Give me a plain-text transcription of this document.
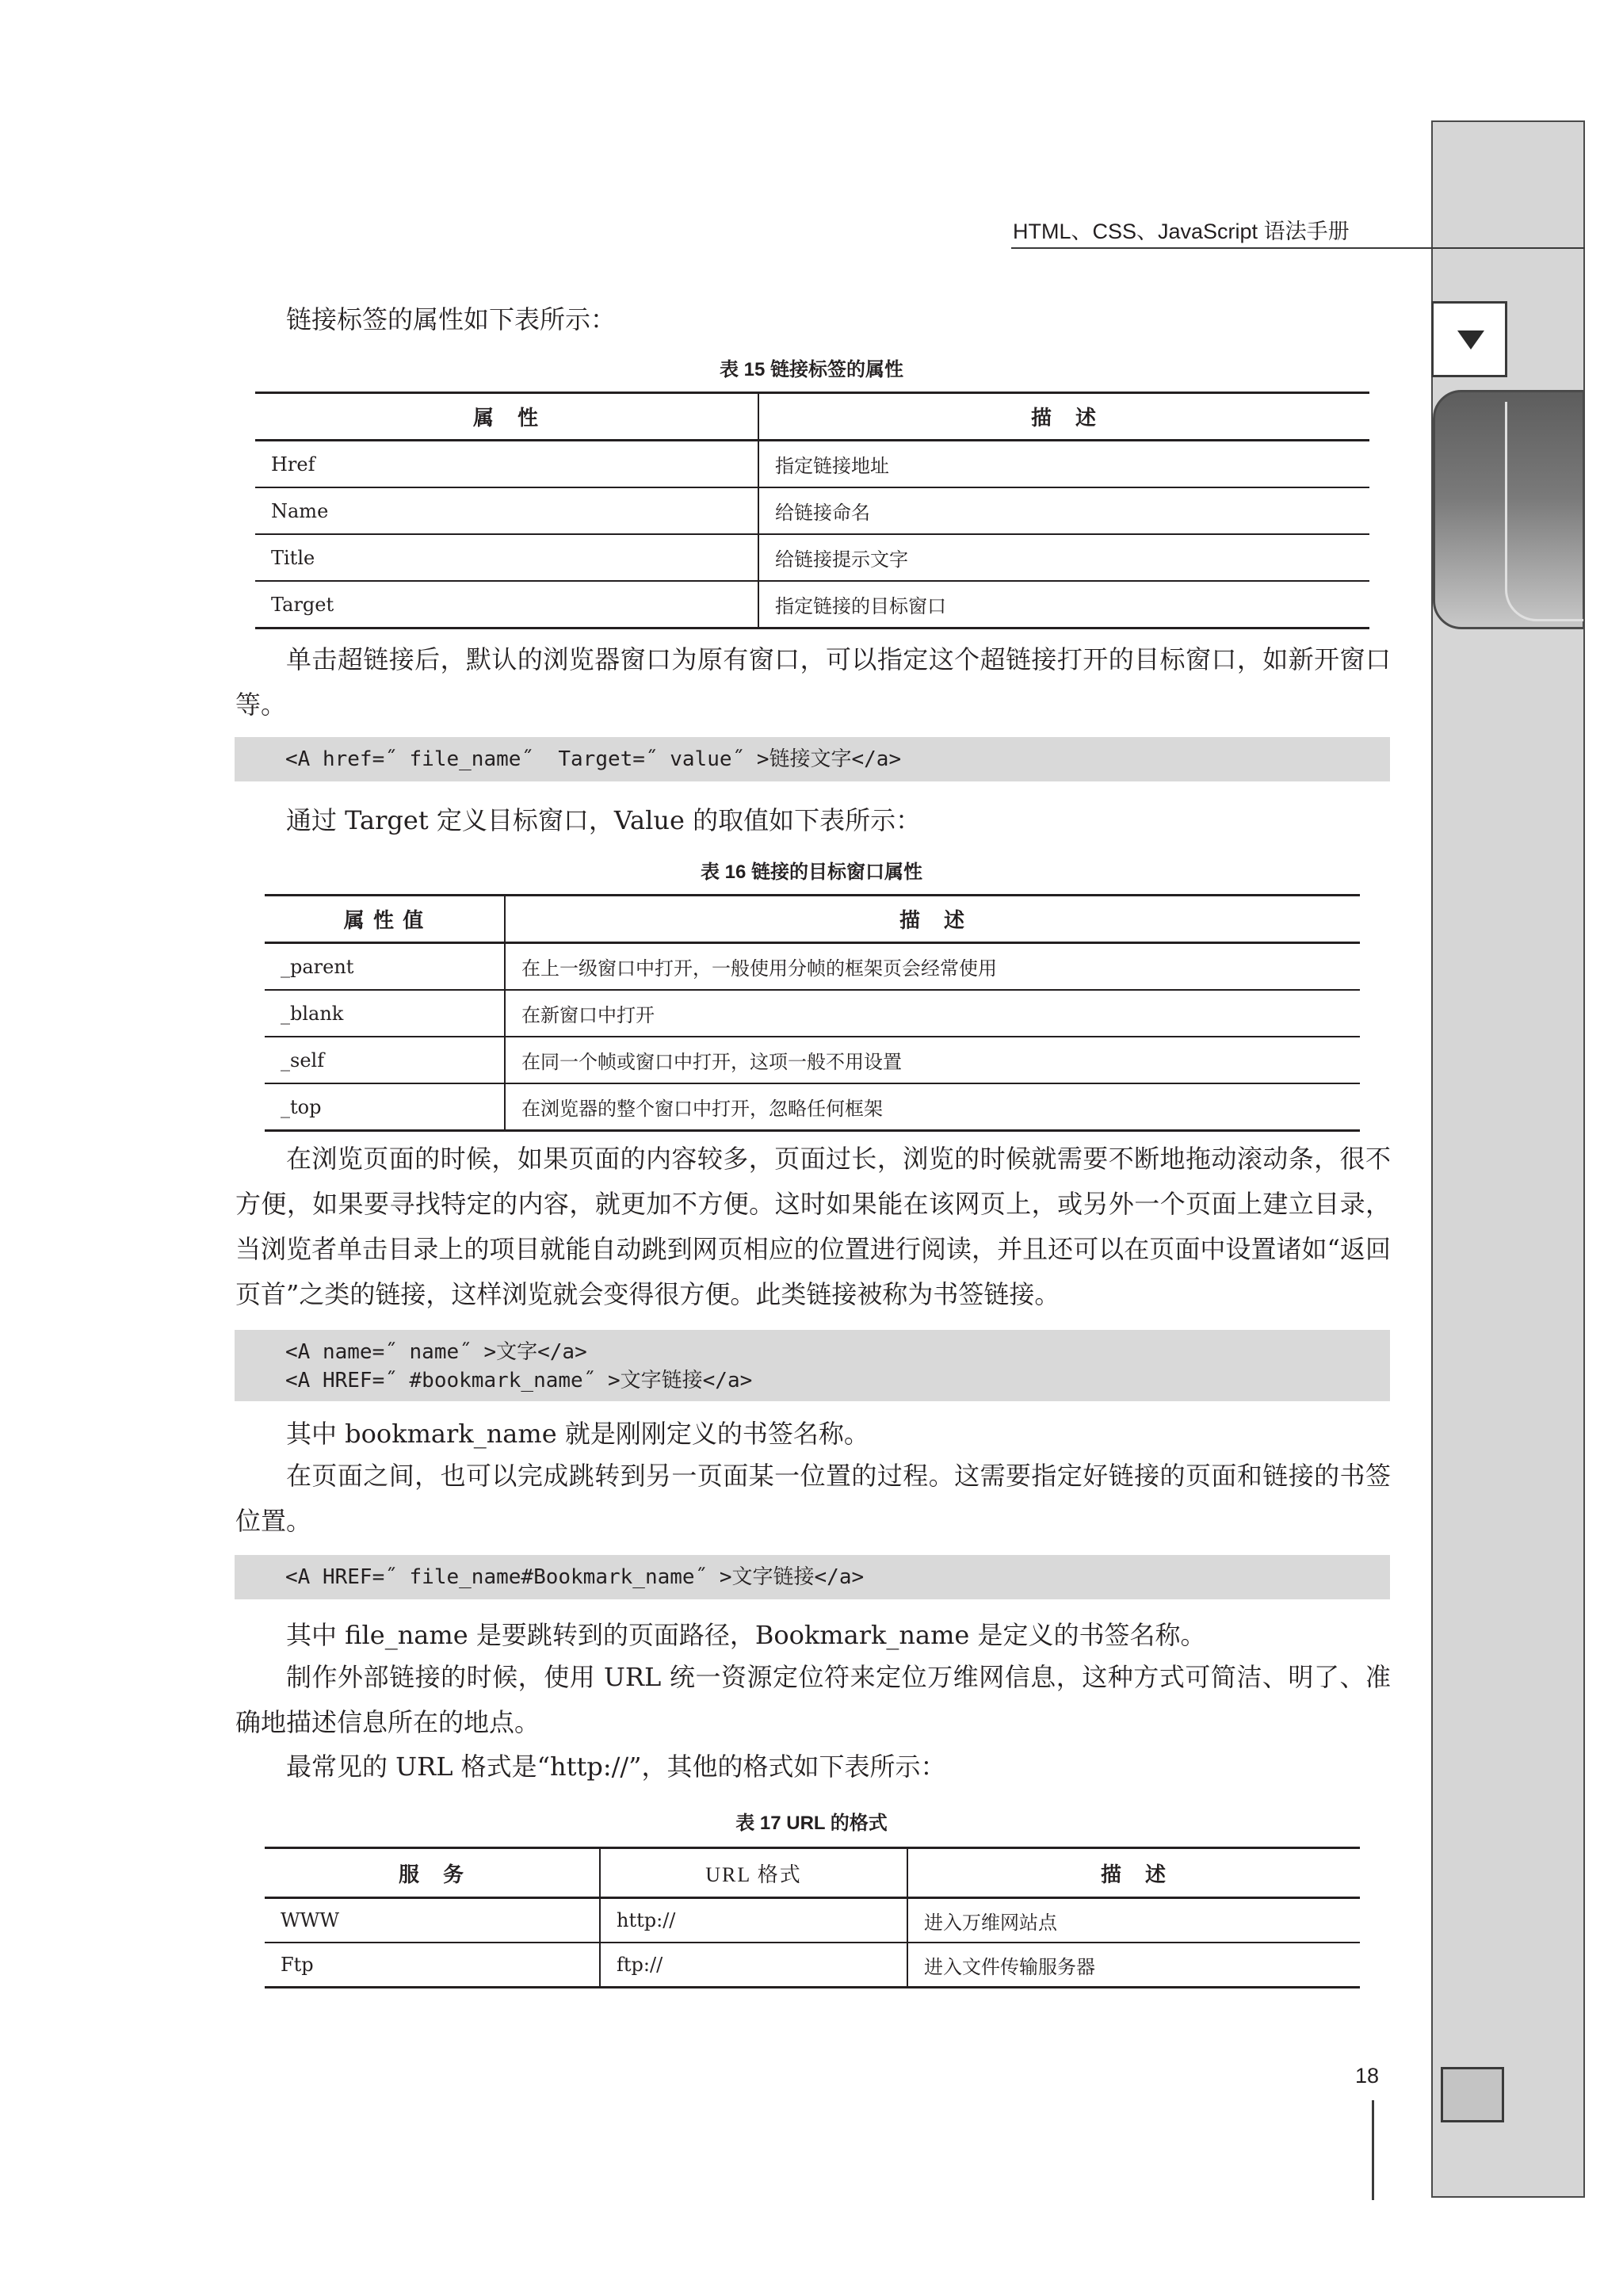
HTML、CSS、JavaScript 语法手册
链接标签的属性如下表所示：
表 15 链接标签的属性
属　性	描　述
Href	指定链接地址
Name	给链接命名
Title	给链接提示文字
Target	指定链接的目标窗口
单击超链接后，默认的浏览器窗口为原有窗口，可以指定这个超链接打开的目标窗口，如新开窗口等。
<A href=˝ file_name˝  Target=˝ value˝ >链接文字</a>
通过 Target 定义目标窗口，Value 的取值如下表所示：
表 16 链接的目标窗口属性
属 性 值	描　述
_parent	在上一级窗口中打开，一般使用分帧的框架页会经常使用
_blank	在新窗口中打开
_self	在同一个帧或窗口中打开，这项一般不用设置
_top	在浏览器的整个窗口中打开，忽略任何框架
在浏览页面的时候，如果页面的内容较多，页面过长，浏览的时候就需要不断地拖动滚动条，很不方便，如果要寻找特定的内容，就更加不方便。这时如果能在该网页上，或另外一个页面上建立目录，当浏览者单击目录上的项目就能自动跳到网页相应的位置进行阅读，并且还可以在页面中设置诸如“返回页首”之类的链接，这样浏览就会变得很方便。此类链接被称为书签链接。
<A name=˝ name˝ >文字</a>
<A HREF=˝ #bookmark_name˝ >文字链接</a>
其中 bookmark_name 就是刚刚定义的书签名称。
在页面之间，也可以完成跳转到另一页面某一位置的过程。这需要指定好链接的页面和链接的书签位置。
<A HREF=˝ file_name#Bookmark_name˝ >文字链接</a>
其中 file_name 是要跳转到的页面路径，Bookmark_name 是定义的书签名称。
制作外部链接的时候，使用 URL 统一资源定位符来定位万维网信息，这种方式可简洁、明了、准确地描述信息所在的地点。
最常见的 URL 格式是“http://”，其他的格式如下表所示：
表 17 URL 的格式
服　务	URL 格式	描　述
WWW	http://	进入万维网站点
Ftp	ftp://	进入文件传输服务器
18
